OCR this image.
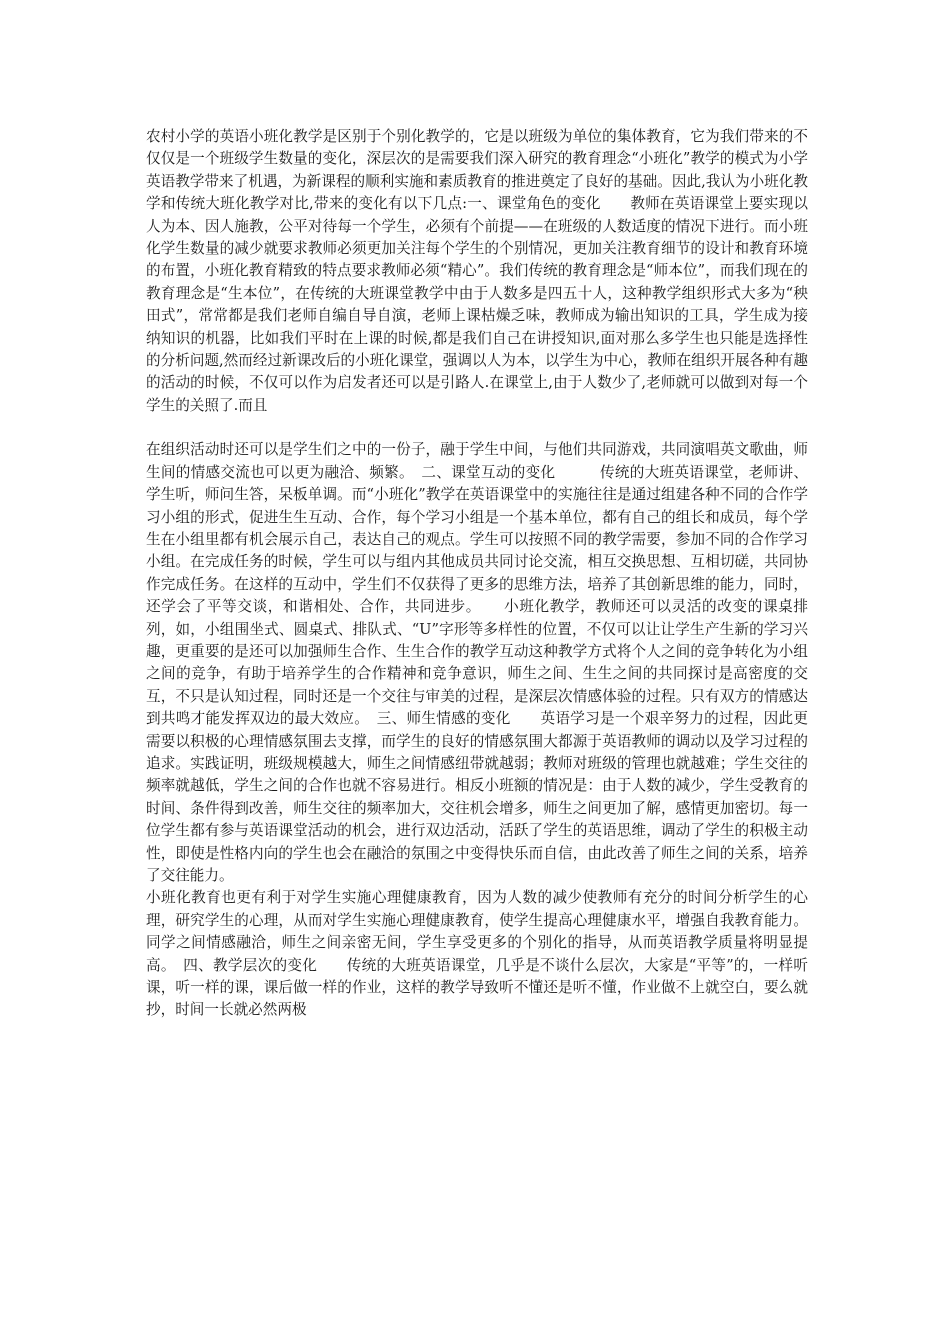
农村小学的英语小班化教学是区别于个别化教学的，它是以班级为单位的集体教育，它为我们带来的不仅仅是一个班级学生数量的变化，深层次的是需要我们深入研究的教育理念“小班化”教学的模式为小学英语教学带来了机遇，为新课程的顺利实施和素质教育的推进奠定了良好的基础。因此,我认为小班化教学和传统大班化教学对比,带来的变化有以下几点:一、课堂角色的变化　　教师在英语课堂上要实现以人为本、因人施教，公平对待每一个学生，必须有个前提——在班级的人数适度的情况下进行。而小班化学生数量的减少就要求教师必须更加关注每个学生的个别情况，更加关注教育细节的设计和教育环境的布置，小班化教育精致的特点要求教师必须“精心”。我们传统的教育理念是“师本位”，而我们现在的教育理念是“生本位”，在传统的大班课堂教学中由于人数多是四五十人，这种教学组织形式大多为“秧田式”，常常都是我们老师自编自导自演，老师上课枯燥乏味，教师成为输出知识的工具，学生成为接纳知识的机器，比如我们平时在上课的时候,都是我们自己在讲授知识,面对那么多学生也只能是选择性的分析问题,然而经过新课改后的小班化课堂，强调以人为本，以学生为中心，教师在组织开展各种有趣的活动的时候，不仅可以作为启发者还可以是引路人.在课堂上,由于人数少了,老师就可以做到对每一个学生的关照了.而且

在组织活动时还可以是学生们之中的一份子，融于学生中间，与他们共同游戏，共同演唱英文歌曲，师生间的情感交流也可以更为融洽、频繁。　二、课堂互动的变化　　　传统的大班英语课堂，老师讲、学生听，师问生答，呆板单调。而“小班化”教学在英语课堂中的实施往往是通过组建各种不同的合作学习小组的形式，促进生生互动、合作，每个学习小组是一个基本单位，都有自己的组长和成员，每个学生在小组里都有机会展示自己，表达自己的观点。学生可以按照不同的教学需要，参加不同的合作学习小组。在完成任务的时候，学生可以与组内其他成员共同讨论交流，相互交换思想、互相切磋，共同协作完成任务。在这样的互动中，学生们不仅获得了更多的思维方法，培养了其创新思维的能力，同时，还学会了平等交谈，和谐相处、合作，共同进步。　　小班化教学，教师还可以灵活的改变的课桌排列，如，小组围坐式、圆桌式、排队式、“U”字形等多样性的位置，不仅可以让让学生产生新的学习兴趣，更重要的是还可以加强师生合作、生生合作的教学互动这种教学方式将个人之间的竞争转化为小组之间的竞争，有助于培养学生的合作精神和竞争意识，师生之间、生生之间的共同探讨是高密度的交互，不只是认知过程，同时还是一个交往与审美的过程，是深层次情感体验的过程。只有双方的情感达到共鸣才能发挥双边的最大效应。　三、师生情感的变化　　英语学习是一个艰辛努力的过程，因此更需要以积极的心理情感氛围去支撑，而学生的良好的情感氛围大都源于英语教师的调动以及学习过程的追求。实践证明，班级规模越大，师生之间情感纽带就越弱；教师对班级的管理也就越难；学生交往的频率就越低，学生之间的合作也就不容易进行。相反小班额的情况是：由于人数的减少，学生受教育的时间、条件得到改善，师生交往的频率加大，交往机会增多，师生之间更加了解，感情更加密切。每一位学生都有参与英语课堂活动的机会，进行双边活动，活跃了学生的英语思维，调动了学生的积极主动性，即使是性格内向的学生也会在融洽的氛围之中变得快乐而自信，由此改善了师生之间的关系，培养了交往能力。

小班化教育也更有利于对学生实施心理健康教育，因为人数的减少使教师有充分的时间分析学生的心理，研究学生的心理，从而对学生实施心理健康教育，使学生提高心理健康水平，增强自我教育能力。同学之间情感融洽，师生之间亲密无间，学生享受更多的个别化的指导，从而英语教学质量将明显提高。　四、教学层次的变化　　传统的大班英语课堂，几乎是不谈什么层次，大家是“平等”的，一样听课，听一样的课，课后做一样的作业，这样的教学导致听不懂还是听不懂，作业做不上就空白，要么就抄，时间一长就必然两极
